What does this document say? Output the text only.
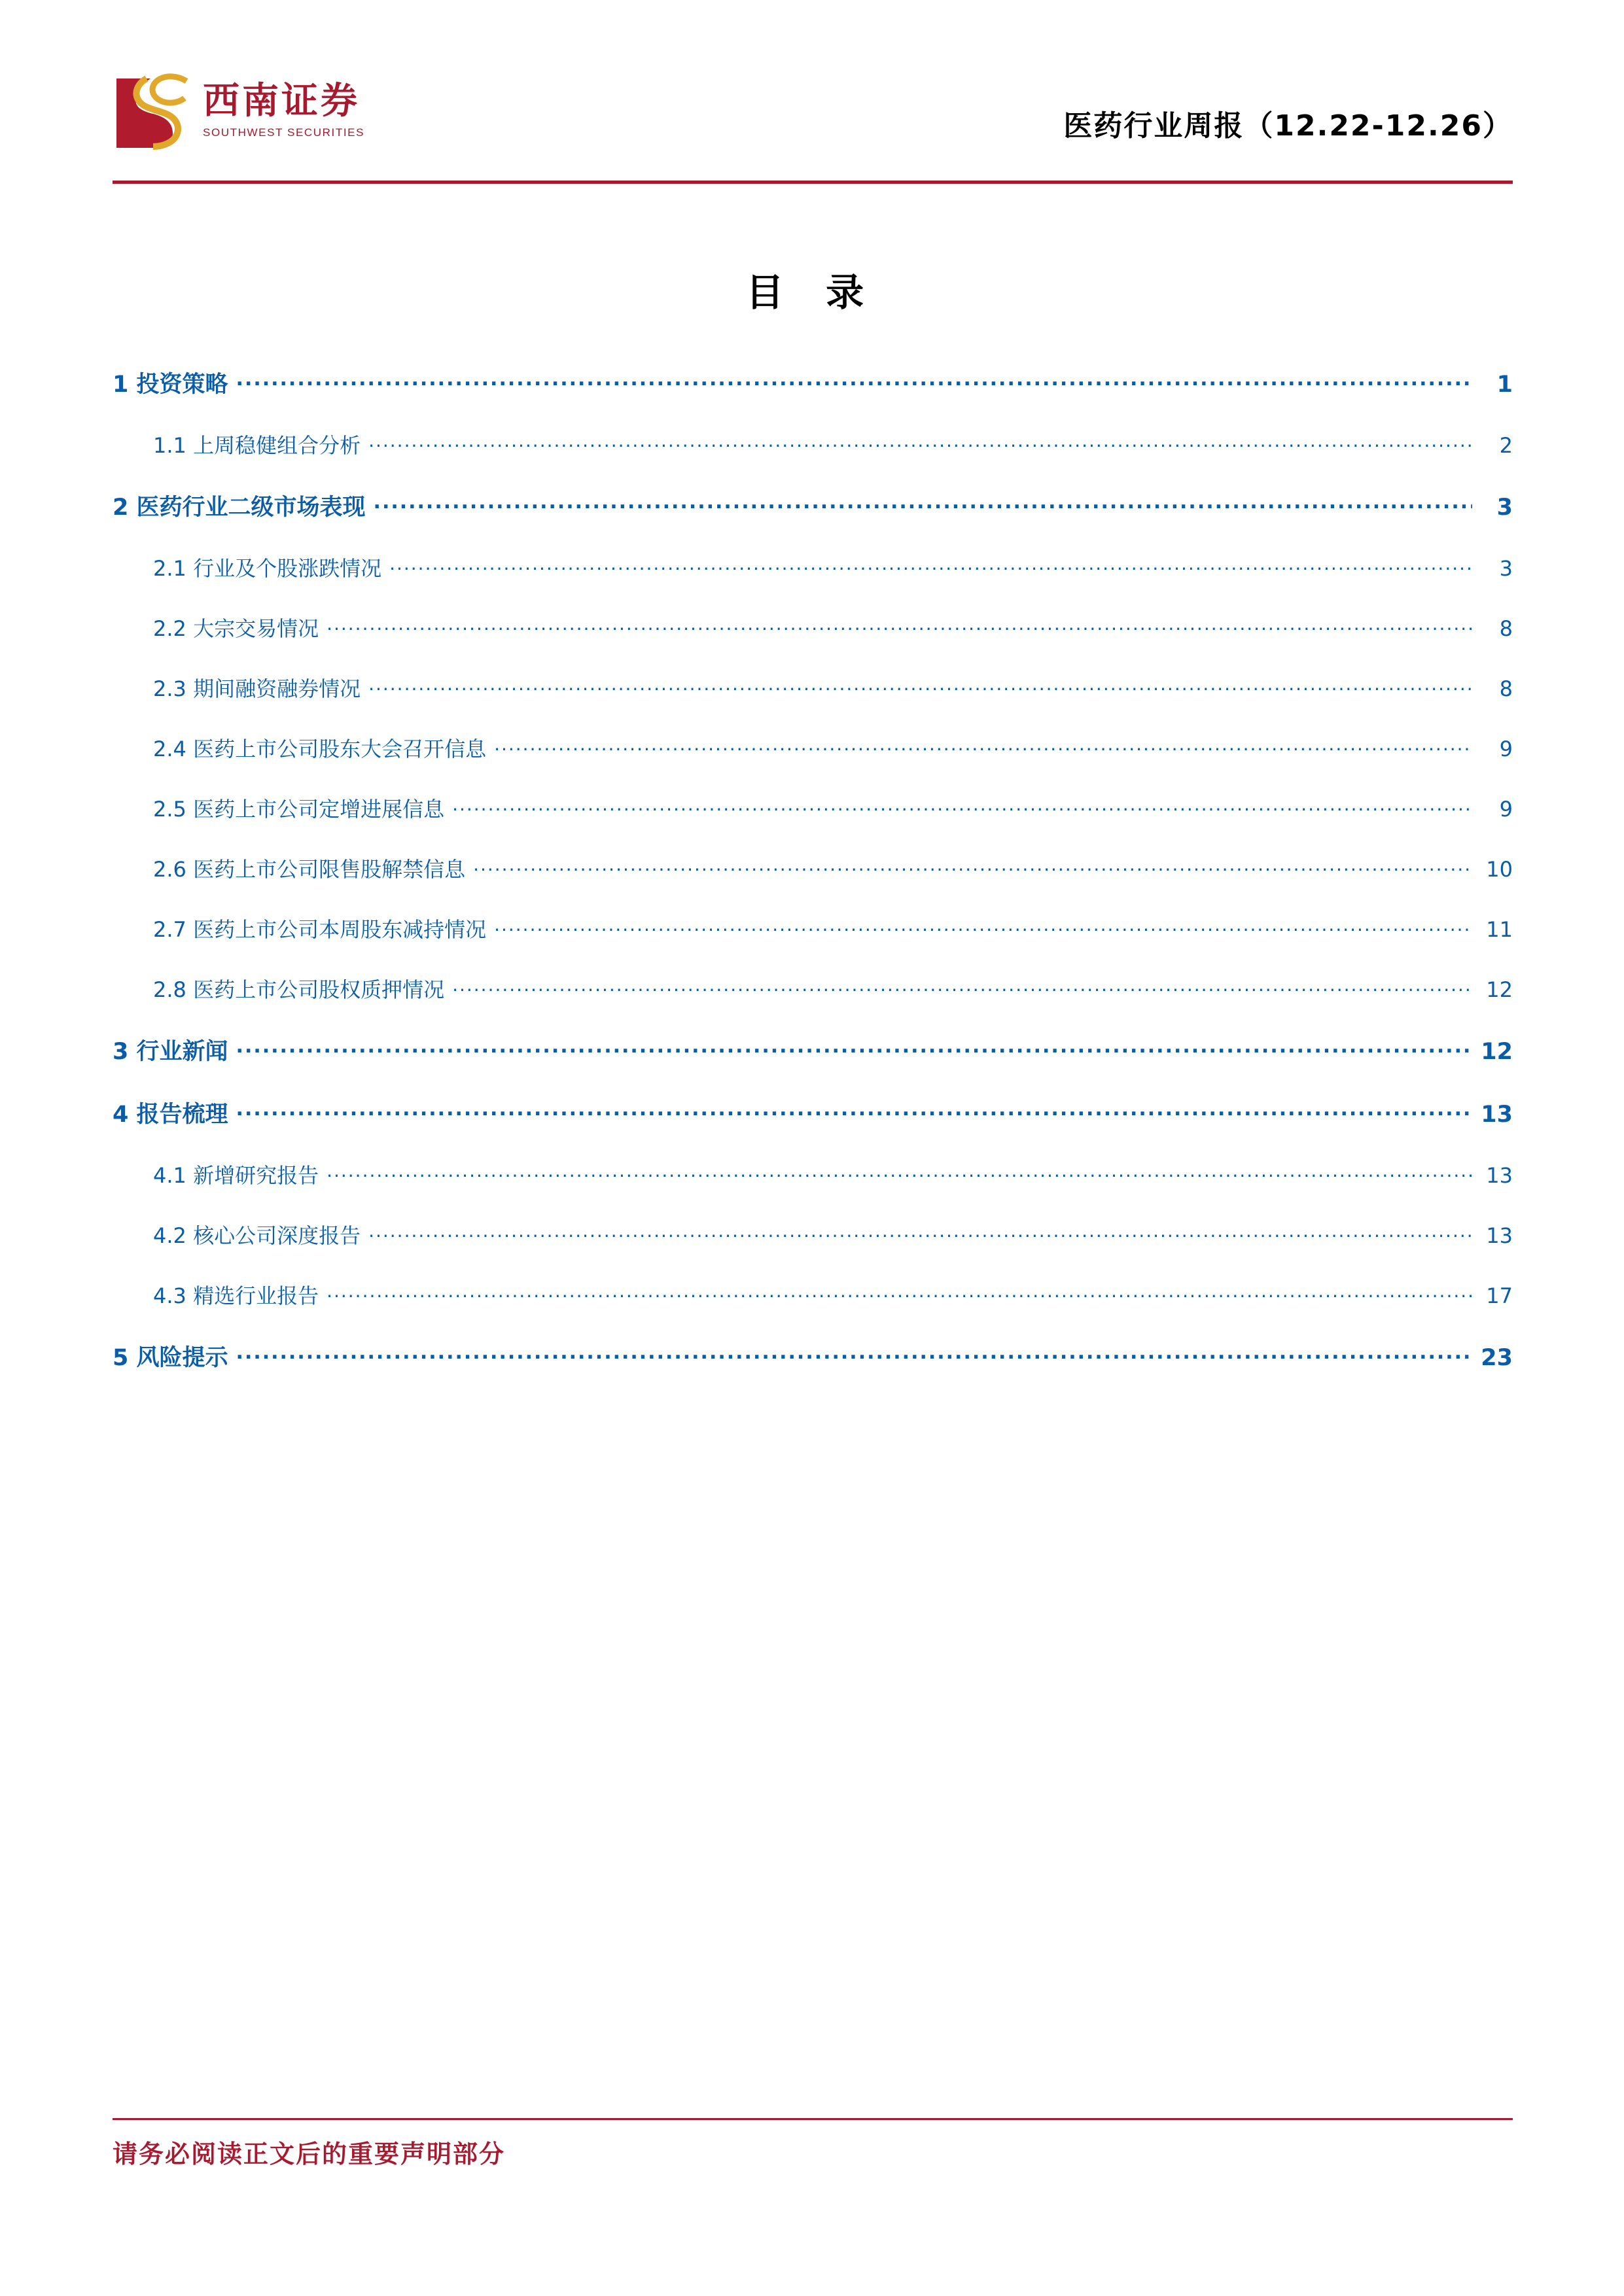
西南证券
SOUTHWEST SECURITIES	医药行业周报（12.22-12.26）
目 录
1 投资策略 .....	1
1.1 上周稳健组合分析 .....	2
2 医药行业二级市场表现 .....	3
2.1 行业及个股涨跌情况 .....	3
2.2 大宗交易情况 .....	8
2.3 期间融资融券情况 .....	8
2.4 医药上市公司股东大会召开信息 .....	9
2.5 医药上市公司定增进展信息 .....	9
2.6 医药上市公司限售股解禁信息 .....	10
2.7 医药上市公司本周股东减持情况 .....	11
2.8 医药上市公司股权质押情况 .....	12
3 行业新闻 .....	12
4 报告梳理 .....	13
4.1 新增研究报告 .....	13
4.2 核心公司深度报告 .....	13
4.3 精选行业报告 .....	17
5 风险提示 .....	23
请务必阅读正文后的重要声明部分
